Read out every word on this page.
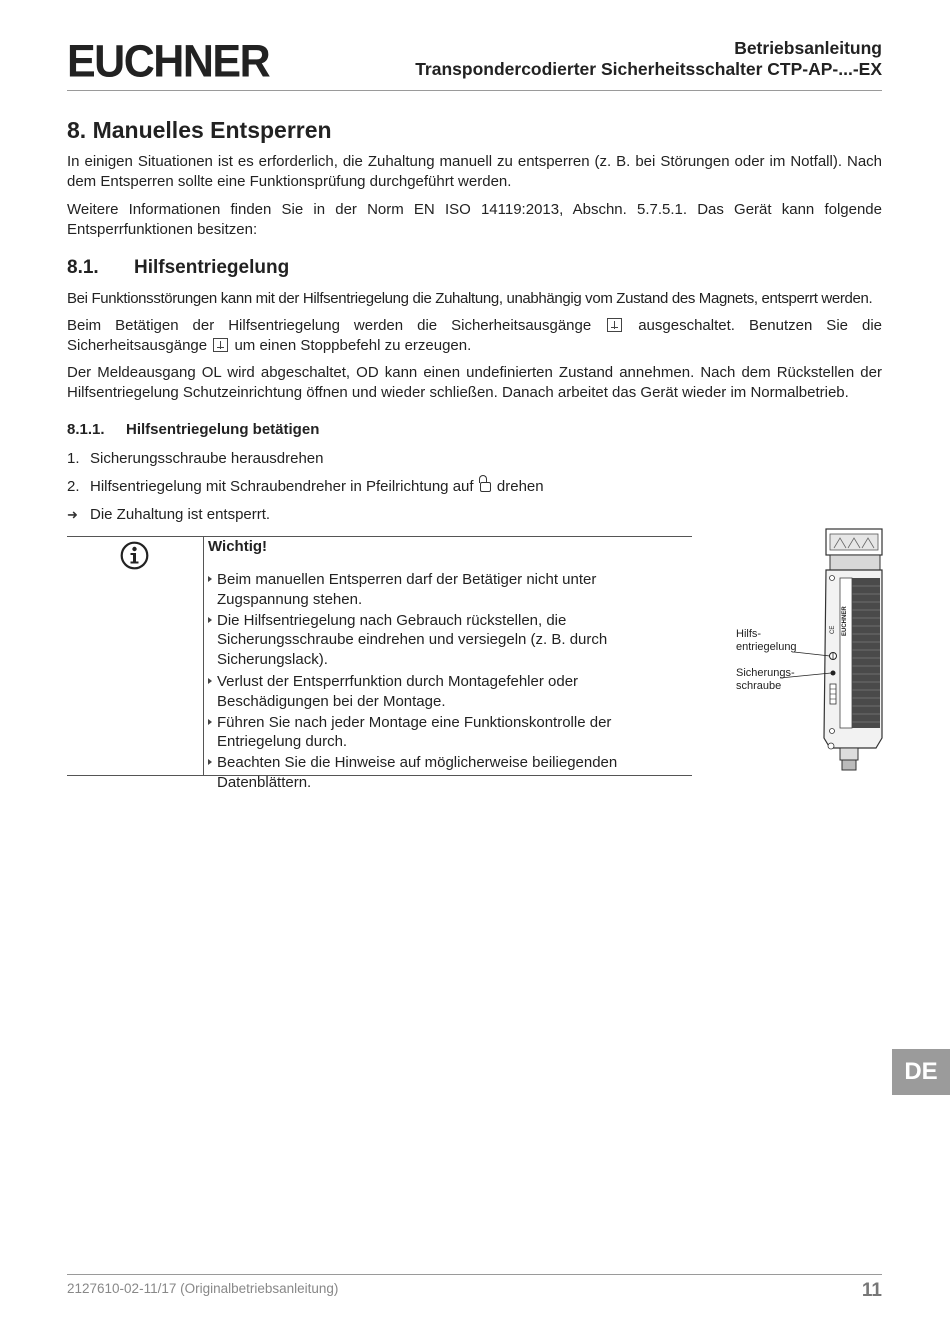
EUCHNER	Betriebsanleitung
Transpondercodierter Sicherheitsschalter CTP-AP-...-EX
8. Manuelles Entsperren

In einigen Situationen ist es erforderlich, die Zuhaltung manuell zu entsperren (z. B. bei Störungen oder im Notfall). Nach dem Entsperren sollte eine Funktionsprüfung durchgeführt werden.

Weitere Informationen finden Sie in der Norm EN ISO 14119:2013, Abschn. 5.7.5.1. Das Gerät kann folgende Entsperrfunktionen besitzen:

8.1. Hilfsentriegelung

Bei Funktionsstörungen kann mit der Hilfsentriegelung die Zuhaltung, unabhängig vom Zustand des Magnets, entsperrt werden.

Beim Betätigen der Hilfsentriegelung werden die Sicherheitsausgänge	ausgeschaltet. Benutzen Sie die Sicherheitsausgänge um einen Stoppbefehl zu erzeugen.

Der Meldeausgang OL wird abgeschaltet, OD kann einen undefinierten Zustand annehmen. Nach dem Rückstellen der Hilfsentriegelung Schutzeinrichtung öffnen und wieder schließen. Danach arbeitet das Gerät wieder im Normalbetrieb.

8.1.1. Hilfsentriegelung betätigen
1. Sicherungsschraube herausdrehen
2. Hilfsentriegelung mit Schraubendreher in Pfeilrichtung auf drehen
➜ Die Zuhaltung ist entsperrt.
Wichtig!
Beim manuellen Entsperren darf der Betätiger nicht unter Zugspannung stehen.
Die Hilfsentriegelung nach Gebrauch rückstellen, die Sicherungsschraube eindrehen und versiegeln (z. B. durch Sicherungslack).
Verlust der Entsperrfunktion durch Montagefehler oder Beschädigungen bei der Montage.
Führen Sie nach jeder Montage eine Funktionskontrolle der Entriegelung durch.
Beachten Sie die Hinweise auf möglicherweise beiliegenden Datenblättern.
EUCHNER
CE
Hilfs-
entriegelung
Sicherungs-
schraube
DE
2127610-02-11/17 (Originalbetriebsanleitung)	11
